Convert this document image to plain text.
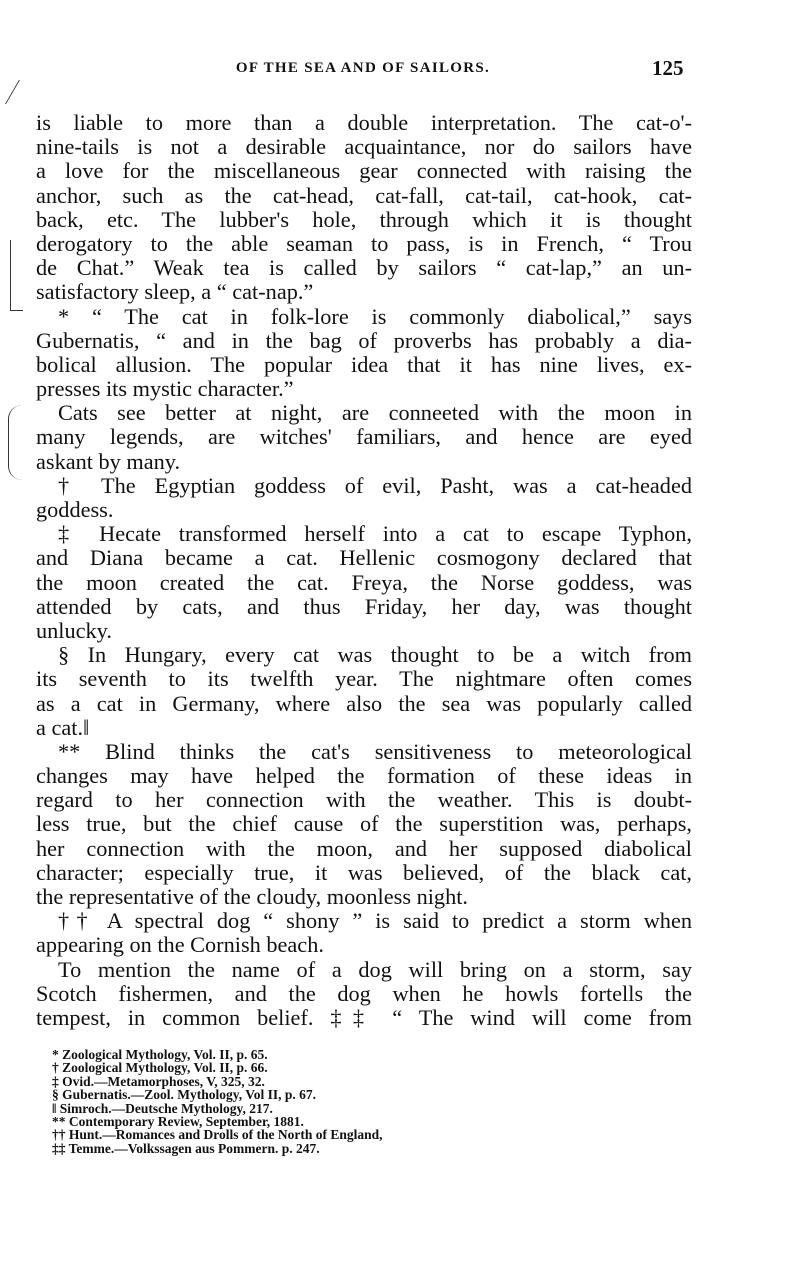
OF THE SEA AND OF SAILORS.	125
is liable to more than a double interpretation. The cat-o'-
nine-tails is not a desirable acquaintance, nor do sailors have
a love for the miscellaneous gear connected with raising the
anchor, such as the cat-head, cat-fall, cat-tail, cat-hook, cat-
back, etc. The lubber's hole, through which it is thought
derogatory to the able seaman to pass, is in French, “ Trou
de Chat.” Weak tea is called by sailors “ cat-lap,” an un-
satisfactory sleep, a “ cat-nap.”
* “ The cat in folk-lore is commonly diabolical,” says
Gubernatis, “ and in the bag of proverbs has probably a dia-
bolical allusion. The popular idea that it has nine lives, ex-
presses its mystic character.”
Cats see better at night, are conneeted with the moon in
many legends, are witches' familiars, and hence are eyed
askant by many.
† The Egyptian goddess of evil, Pasht, was a cat-headed
goddess.
‡ Hecate transformed herself into a cat to escape Typhon,
and Diana became a cat. Hellenic cosmogony declared that
the moon created the cat. Freya, the Norse goddess, was
attended by cats, and thus Friday, her day, was thought
unlucky.
§ In Hungary, every cat was thought to be a witch from
its seventh to its twelfth year. The nightmare often comes
as a cat in Germany, where also the sea was popularly called
a cat.‖
** Blind thinks the cat's sensitiveness to meteorological
changes may have helped the formation of these ideas in
regard to her connection with the weather. This is doubt-
less true, but the chief cause of the superstition was, perhaps,
her connection with the moon, and her supposed diabolical
character; especially true, it was believed, of the black cat,
the representative of the cloudy, moonless night.
†† A spectral dog “ shony ” is said to predict a storm when
appearing on the Cornish beach.
To mention the name of a dog will bring on a storm, say
Scotch fishermen, and the dog when he howls fortells the
tempest, in common belief. ‡‡ “ The wind will come from
* Zoological Mythology, Vol. II, p. 65.
† Zoological Mythology, Vol. II, p. 66.
‡ Ovid.—Metamorphoses, V, 325, 32.
§ Gubernatis.—Zool. Mythology, Vol II, p. 67.
‖ Simroch.—Deutsche Mythology, 217.
** Contemporary Review, September, 1881.
†† Hunt.—Romances and Drolls of the North of England,
‡‡ Temme.—Volkssagen aus Pommern. p. 247.
